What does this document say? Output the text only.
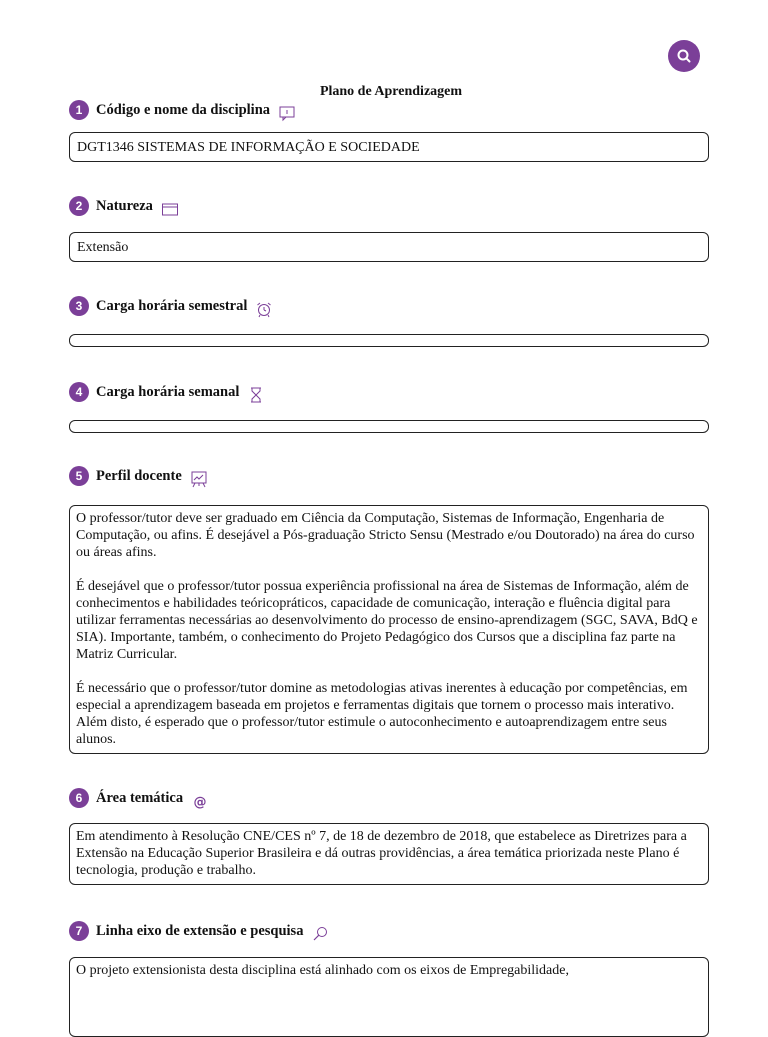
Plano de Aprendizagem
1 Código e nome da disciplina
DGT1346 SISTEMAS DE INFORMAÇÃO E SOCIEDADE
2 Natureza
Extensão
3 Carga horária semestral
4 Carga horária semanal
5 Perfil docente

O professor/tutor deve ser graduado em Ciência da Computação, Sistemas de Informação, Engenharia de Computação, ou afins. É desejável a Pós-graduação Stricto Sensu (Mestrado e/ou Doutorado) na área do curso ou áreas afins.

É desejável que o professor/tutor possua experiência profissional na área de Sistemas de Informação, além de conhecimentos e habilidades teóricopráticos, capacidade de comunicação, interação e fluência digital para utilizar ferramentas necessárias ao desenvolvimento do processo de ensino-aprendizagem (SGC, SAVA, BdQ e SIA). Importante, também, o conhecimento do Projeto Pedagógico dos Cursos que a disciplina faz parte na Matriz Curricular.

É necessário que o professor/tutor domine as metodologias ativas inerentes à educação por competências, em especial a aprendizagem baseada em projetos e ferramentas digitais que tornem o processo mais interativo. Além disto, é esperado que o professor/tutor estimule o autoconhecimento e autoaprendizagem entre seus alunos.

6 Área temática @

Em atendimento à Resolução CNE/CES nº 7, de 18 de dezembro de 2018, que estabelece as Diretrizes para a Extensão na Educação Superior Brasileira e dá outras providências, a área temática priorizada neste Plano é tecnologia, produção e trabalho.

7 Linha eixo de extensão e pesquisa

O projeto extensionista desta disciplina está alinhado com os eixos de Empregabilidade,
